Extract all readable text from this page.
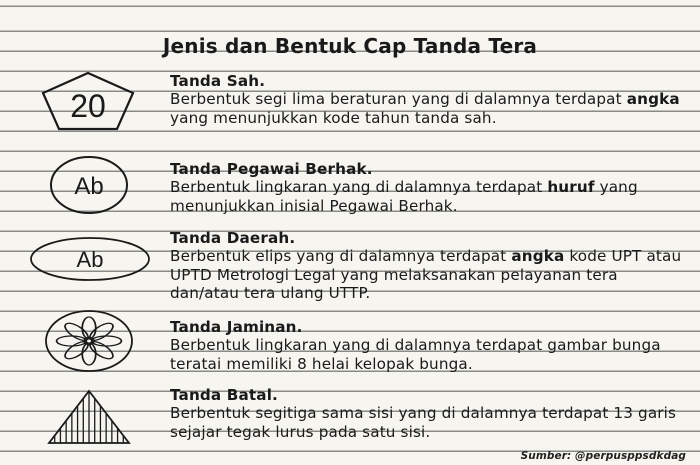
Jenis dan Bentuk Cap Tanda Tera
20
Tanda Sah.

Berbentuk segi lima beraturan yang di dalamnya terdapat angka yang menunjukkan kode tahun tanda sah.

Ab
Tanda Pegawai Berhak.

Berbentuk lingkaran yang di dalamnya terdapat huruf yang menunjukkan inisial Pegawai Berhak.

Ab
Tanda Daerah.

Berbentuk elips yang di dalamnya terdapat angka kode UPT atau UPTD Metrologi Legal yang melaksanakan pelayanan tera dan/atau tera ulang UTTP.

Tanda Jaminan.

Berbentuk lingkaran yang di dalamnya terdapat gambar bunga teratai memiliki 8 helai kelopak bunga.

Tanda Batal.

Berbentuk segitiga sama sisi yang di dalamnya terdapat 13 garis sejajar tegak lurus pada satu sisi.

Sumber: @perpusppsdkdag
